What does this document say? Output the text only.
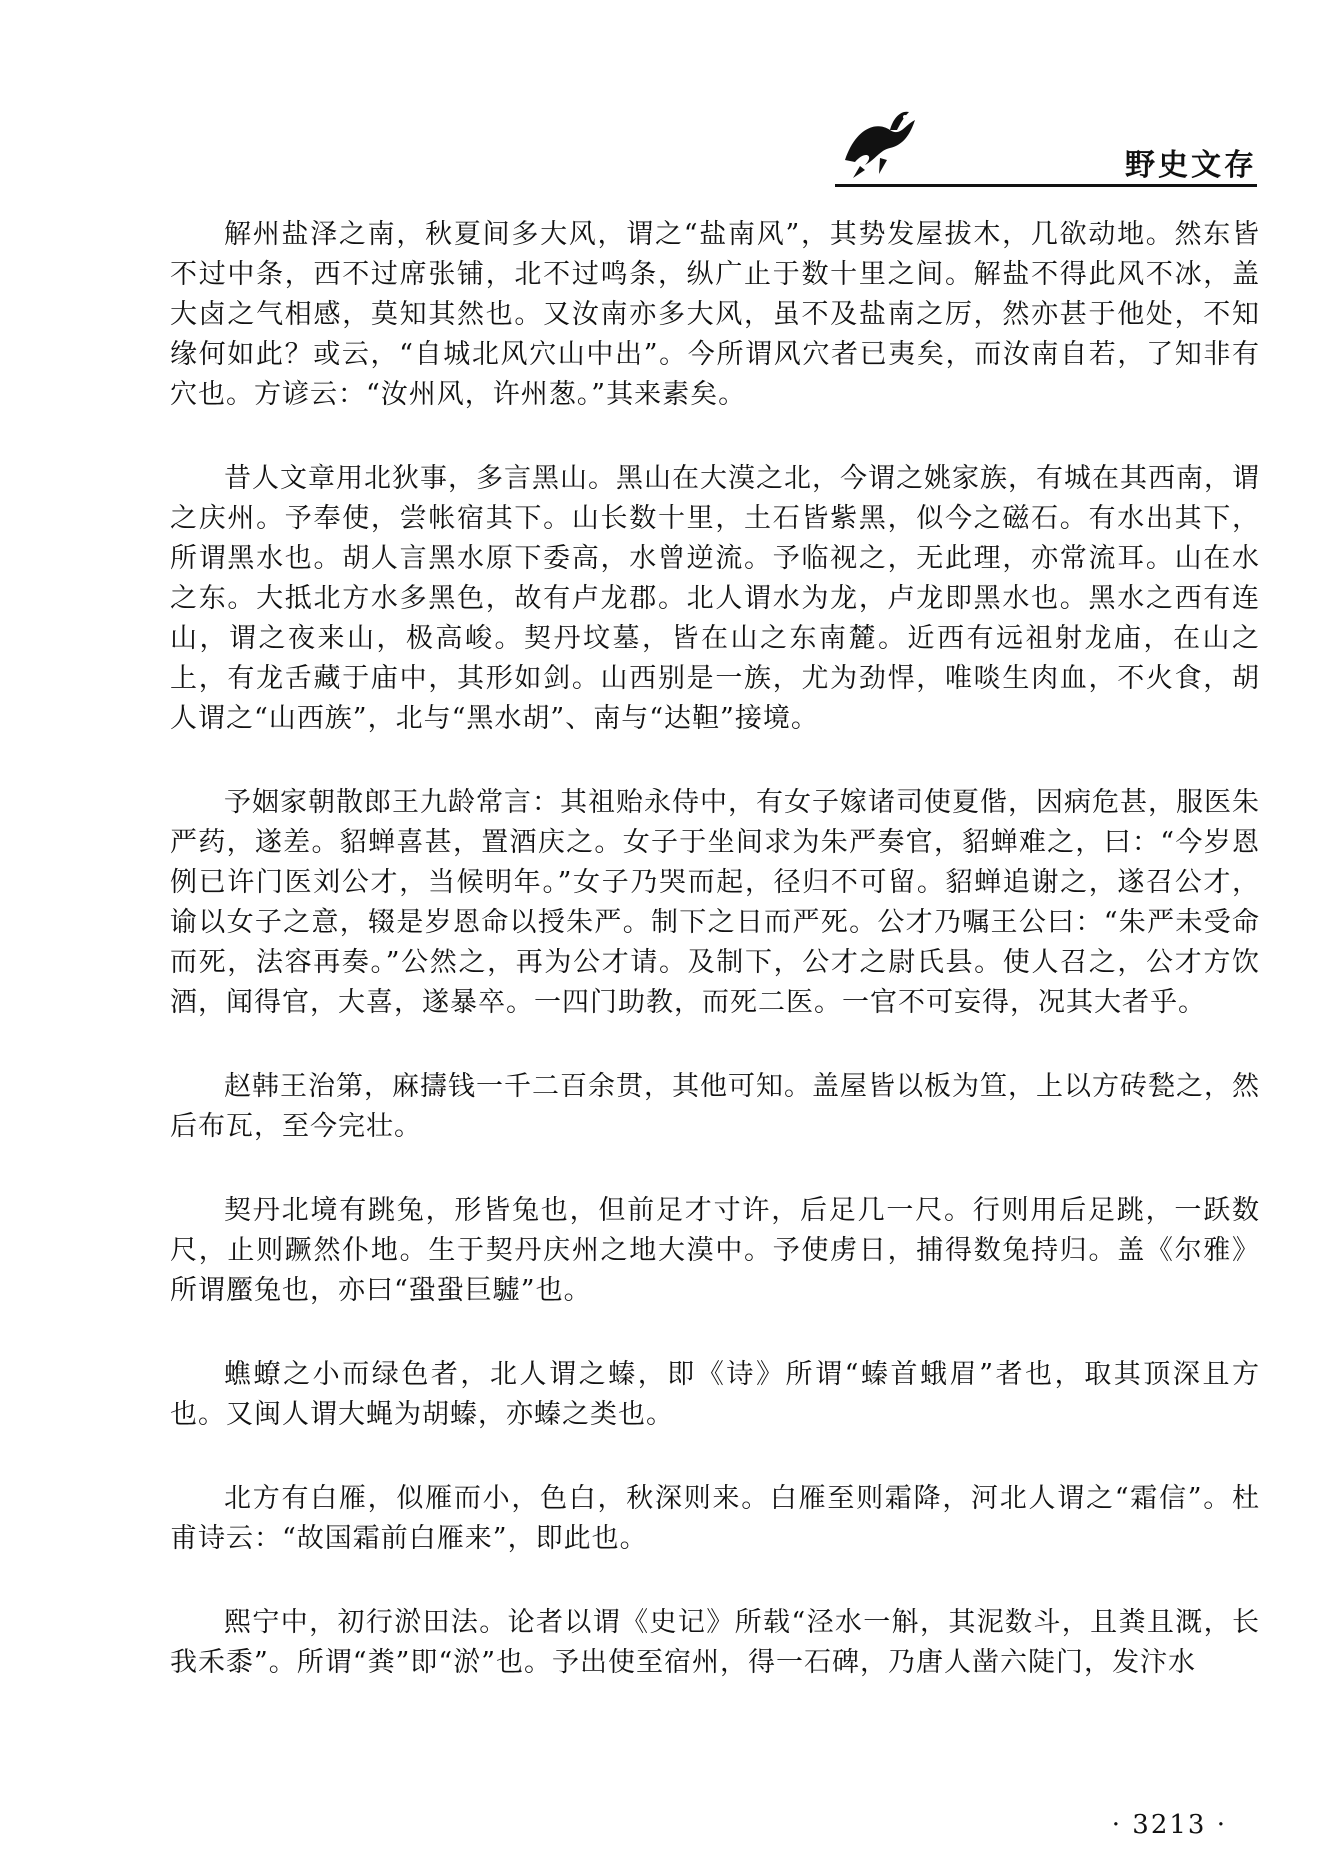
野史文存

解州盐泽之南，秋夏间多大风，谓之“盐南风”，其势发屋拔木，几欲动地。然东皆不过中条，西不过席张铺，北不过鸣条，纵广止于数十里之间。解盐不得此风不冰，盖大卤之气相感，莫知其然也。又汝南亦多大风，虽不及盐南之厉，然亦甚于他处，不知缘何如此？或云，“自城北风穴山中出”。今所谓风穴者已夷矣，而汝南自若，了知非有穴也。方谚云：“汝州风，许州葱。”其来素矣。

昔人文章用北狄事，多言黑山。黑山在大漠之北，今谓之姚家族，有城在其西南，谓之庆州。予奉使，尝帐宿其下。山长数十里，土石皆紫黑，似今之磁石。有水出其下，所谓黑水也。胡人言黑水原下委高，水曾逆流。予临视之，无此理，亦常流耳。山在水之东。大抵北方水多黑色，故有卢龙郡。北人谓水为龙，卢龙即黑水也。黑水之西有连山，谓之夜来山，极高峻。契丹坟墓，皆在山之东南麓。近西有远祖射龙庙，在山之上，有龙舌藏于庙中，其形如剑。山西别是一族，尤为劲悍，唯啖生肉血，不火食，胡人谓之“山西族”，北与“黑水胡”、南与“达靼”接境。

予姻家朝散郎王九龄常言：其祖贻永侍中，有女子嫁诸司使夏偕，因病危甚，服医朱严药，遂差。貂蝉喜甚，置酒庆之。女子于坐间求为朱严奏官，貂蝉难之，曰：“今岁恩例已许门医刘公才，当候明年。”女子乃哭而起，径归不可留。貂蝉追谢之，遂召公才，谕以女子之意，辍是岁恩命以授朱严。制下之日而严死。公才乃嘱王公曰：“朱严未受命而死，法容再奏。”公然之，再为公才请。及制下，公才之尉氏县。使人召之，公才方饮酒，闻得官，大喜，遂暴卒。一四门助教，而死二医。一官不可妄得，况其大者乎。

赵韩王治第，麻擣钱一千二百余贯，其他可知。盖屋皆以板为笪，上以方砖甃之，然后布瓦，至今完壮。

契丹北境有跳兔，形皆兔也，但前足才寸许，后足几一尺。行则用后足跳，一跃数尺，止则蹶然仆地。生于契丹庆州之地大漠中。予使虏日，捕得数兔持归。盖《尔雅》所谓蟨兔也，亦曰“蛩蛩巨驉”也。

蟭蟟之小而绿色者，北人谓之螓，即《诗》所谓“螓首蛾眉”者也，取其顶深且方也。又闽人谓大蝇为胡螓，亦螓之类也。

北方有白雁，似雁而小，色白，秋深则来。白雁至则霜降，河北人谓之“霜信”。杜甫诗云：“故国霜前白雁来”，即此也。

熙宁中，初行淤田法。论者以谓《史记》所载“泾水一斛，其泥数斗，且粪且溉，长我禾黍”。所谓“粪”即“淤”也。予出使至宿州，得一石碑，乃唐人凿六陡门，发汴水

· 3213 ·
